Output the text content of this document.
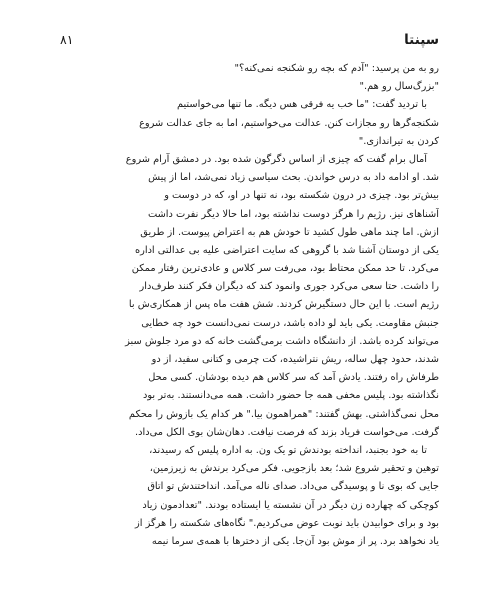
۸۱	سپنتا
رو به من پرسید: "آدم که بچه رو شکنجه نمی‌کنه؟"
"بزرگ‌سال رو هم."
با تردید گفت: "ما خب یه فرقی هس دیگه. ما تنها می‌خواستیم
شکنجه‌گرها رو مجازات کنن. عدالت می‌خواستیم، اما به جای عدالت شروع
کردن به تیراندازی."
آمال برام گفت که چیزی از اساس دگرگون شده بود. در دمشق آرام شروع
شد. او ادامه داد به درس خواندن. بحث سیاسی زیاد نمی‌شد، اما از پیش
بیش‌تر بود. چیزی در درون شکسته بود، نه تنها در او، که در دوست و
آشناهای نیز. رژیم را هرگز دوست نداشته بود، اما حالا دیگر نفرت داشت
ازش. اما چند ماهی طول کشید تا خودش هم به اعتراض پیوست. از طریق
یکی از دوستان آشنا شد با گروهی که سایت اعتراضی علیه بی عدالتی اداره
می‌کرد. تا حد ممکن محتاط بود، می‌رفت سر کلاس و عادی‌ترین رفتار ممکن
را داشت. حتا سعی می‌کرد جوری وانمود کند که دیگران فکر کنند طرف‌دار
رژیم است. با این حال دستگیرش کردند. شش هفت ماه پس از همکاری‌ش با
جنبش مقاومت. یکی باید لو داده باشد، درست نمی‌دانست خود چه خطایی
می‌تواند کرده باشد. از دانشگاه داشت برمی‌گشت خانه که دو مرد جلوش سبز
شدند، حدود چهل ساله، ریش نتراشیده، کت چرمی و کتانی سفید، از دو
طرفاش راه رفتند. یادش آمد که سر کلاس هم دیده بودشان. کسی محل
نگذاشته بود. پلیس مخفی همه جا حضور داشت. همه می‌دانستند. به‌تر بود
محل نمی‌گذاشتی. بهش گفتند: "همراهمون بیا." هر کدام یک بازوش را محکم
گرفت. می‌خواست فریاد بزند که فرصت نیافت. دهان‌شان بوی الکل می‌داد.
تا به خود بجنبد، انداخته بودندش تو یک ون. به اداره پلیس که رسیدند،
توهین و تحقیر شروع شد؛ بعد بازجویی. فکر می‌کرد برندش به زیرزمین،
جایی که بوی نا و پوسیدگی می‌داد. صدای ناله می‌آمد. انداختندش تو اتاق
کوچکی که چهارده زن دیگر در آن نشسته یا ایستاده بودند. "تعدادمون زیاد
بود و برای خوابیدن باید نوبت عوض می‌کردیم." نگاه‌های شکسته را هرگز از
یاد نخواهد برد. پر از موش بود آن‌جا. یکی از دخترها با همه‌ی سرما نیمه
